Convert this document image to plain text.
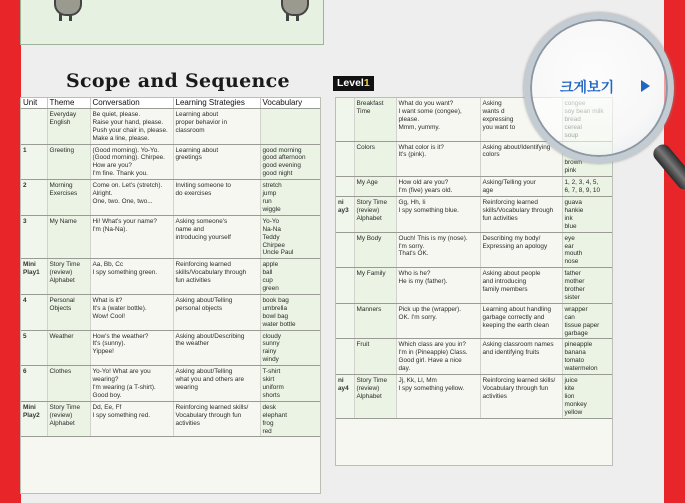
Scope and Sequence	Level1
Unit	Theme	Conversation	Learning Strategies	Vocabulary
	Everyday
English	Be quiet, please.
Raise your hand, please.
Push your chair in, please.
Make a line, please.	Learning about
proper behavior in
classroom	
1	Greeting	(Good morning). Yo-Yo.
(Good morning). Chirpee.
How are you?
I'm fine. Thank you.	Learning about
greetings	good morning
good afternoon
good evening
good night
2	Morning
Exercises	Come on. Let's (stretch).
Alright.
One, two. One, two...	Inviting someone to
do exercises	stretch
jump
run
wiggle
3	My Name	Hi! What's your name?
I'm (Na-Na).	Asking someone's
name and
introducing yourself	Yo-Yo
Na-Na
Teddy
Chirpee
Uncle Paul
Mini
Play1	Story Time
(review)
Alphabet	Aa, Bb, Cc
I spy something green.	Reinforcing learned
skills/Vocabulary through
fun activities	apple
ball
cup
green
4	Personal
Objects	What is it?
It's a (water bottle).
Wow! Cool!	Asking about/Telling
personal objects	book bag
umbrella
bowl bag
water bottle
5	Weather	How's the weather?
It's (sunny).
Yippee!	Asking about/Describing
the weather	cloudy
sunny
rainy
windy
6	Clothes	Yo-Yo! What are you
wearing?
I'm wearing (a T-shirt).
Good boy.	Asking about/Telling
what you and others are
wearing	T-shirt
skirt
uniform
shorts
Mini
Play2	Story Time
(review)
Alphabet	Dd, Ee, Ff
I spy something red.	Reinforcing learned skills/
Vocabulary through fun
activities	desk
elephant
frog
red
	Breakfast
Time	What do you want?
I want some (congee),
please.
Mmm, yummy.	Asking
wants d
expressing
you want to	
	Colors	What color is it?
It's (pink).	Asking about/Identifying
colors	

brown
pink
	My Age	How old are you?
I'm (five) years old.	Asking/Telling your
age	1, 2, 3, 4, 5,
6, 7, 8, 9, 10
ni
ay3	Story Time
(review)
Alphabet	Gg, Hh, Ii
I spy something blue.	Reinforcing learned
skills/Vocabulary through
fun activities	guava
hankie
ink
blue
	My Body	Ouch! This is my (nose).
I'm sorry.
That's OK.	Describing my body/
Expressing an apology	eye
ear
mouth
nose
	My Family	Who is he?
He is my (father).	Asking about people
and introducing
family members	father
mother
brother
sister
	Manners	Pick up the (wrapper).
OK. I'm sorry.	Learning about handling
garbage correctly and
keeping the earth clean	wrapper
can
tissue paper
garbage
	Fruit	Which class are you in?
I'm in (Pineapple) Class.
Good girl. Have a nice
day.	Asking classroom names
and identifying fruits	pineapple
banana
tomato
watermelon
ni
ay4	Story Time
(review)
Alphabet	Jj, Kk, Ll, Mm
I spy something yellow.	Reinforcing learned skills/
Vocabulary through fun
activities	juice
kite
lion
monkey
yellow
크게보기
